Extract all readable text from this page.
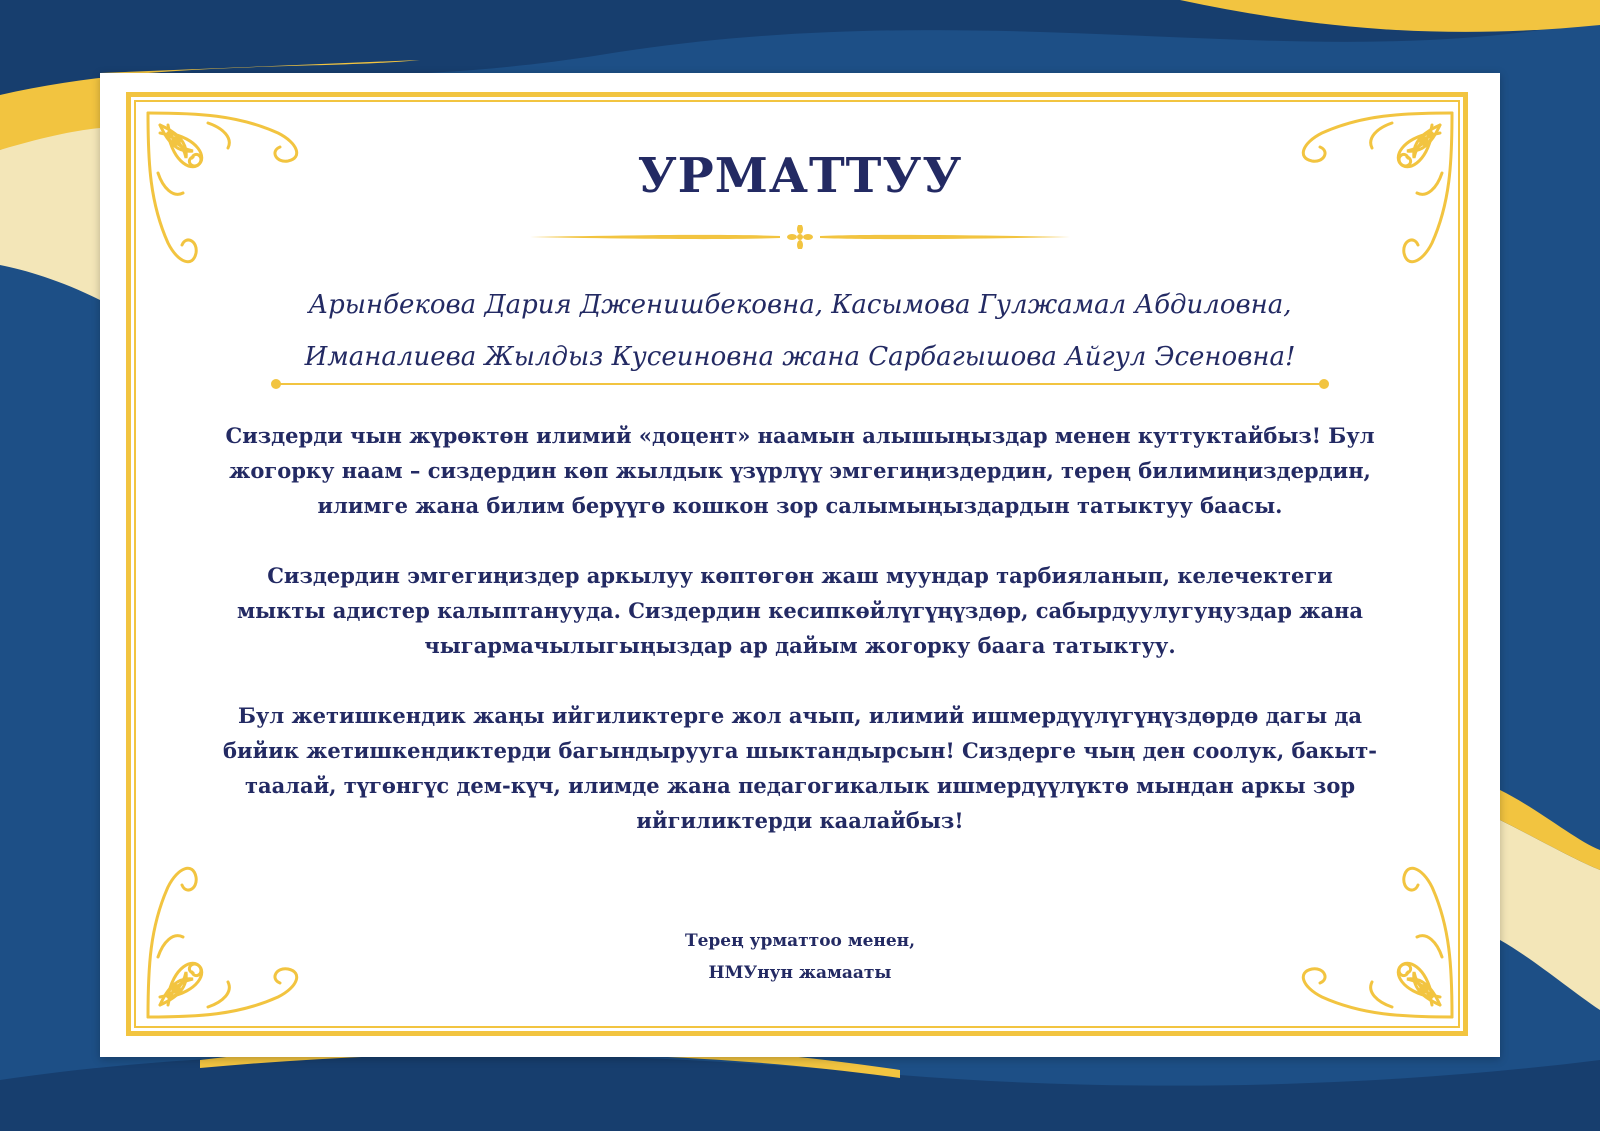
УРМАТТУУ
Арынбекова Дария Дженишбековна, Касымова Гулжамал Абдиловна,
Иманалиева Жылдыз Кусеиновна жана Сарбагышова Айгул Эсеновна!

Сиздерди чын жүрөктөн илимий «доцент» наамын алышыңыздар менен куттуктайбыз! Бул жогорку наам – сиздердин көп жылдык үзүрлүү эмгегиңиздердин, терең билимиңиздердин, илимге жана билим берүүгө кошкон зор салымыңыздардын татыктуу баасы.

Сиздердин эмгегиңиздер аркылуу көптөгөн жаш муундар тарбияланып, келечектеги мыкты адистер калыптанууда. Сиздердин кесипкөйлүгүңүздөр, сабырдуулугуңуздар жана чыгармачылыгыңыздар ар дайым жогорку баага татыктуу.

Бул жетишкендик жаңы ийгиликтерге жол ачып, илимий ишмердүүлүгүңүздөрдө дагы да бийик жетишкендиктерди багындырууга шыктандырсын! Сиздерге чың ден соолук, бакыт-таалай, түгөнгүс дем-күч, илимде жана педагогикалык ишмердүүлүктө мындан аркы зор ийгиликтерди каалайбыз!

Терең урматтоо менен,
НМУнун жамааты
